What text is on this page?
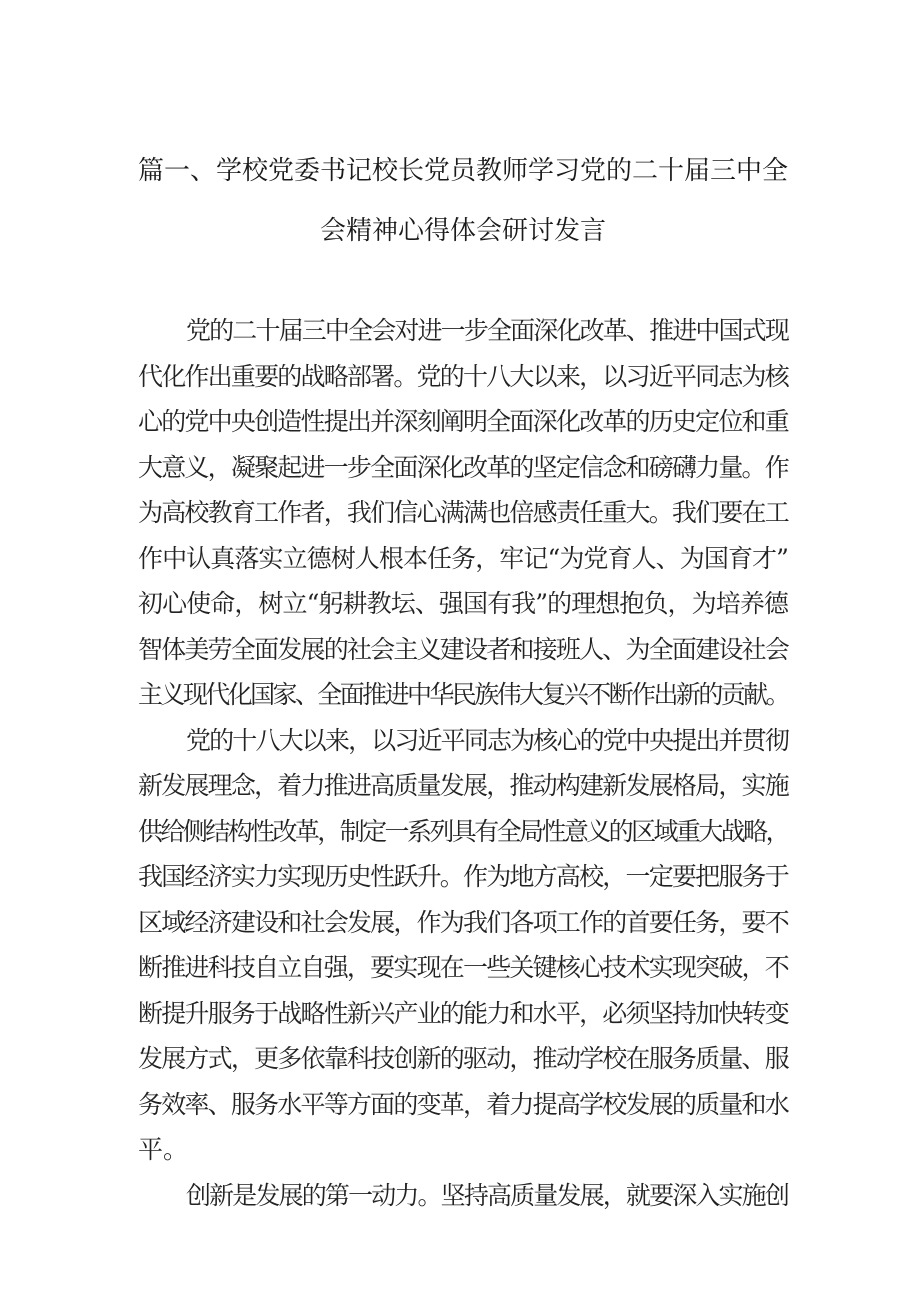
篇一、学校党委书记校长党员教师学习党的二十届三中全
会精神心得体会研讨发言
党的二十届三中全会对进一步全面深化改革、推进中国式现
代化作出重要的战略部署。党的十八大以来，以习近平同志为核
心的党中央创造性提出并深刻阐明全面深化改革的历史定位和重
大意义，凝聚起进一步全面深化改革的坚定信念和磅礴力量。作
为高校教育工作者，我们信心满满也倍感责任重大。我们要在工
作中认真落实立德树人根本任务，牢记“为党育人、为国育才”
初心使命，树立“躬耕教坛、强国有我”的理想抱负，为培养德
智体美劳全面发展的社会主义建设者和接班人、为全面建设社会
主义现代化国家、全面推进中华民族伟大复兴不断作出新的贡献。
党的十八大以来，以习近平同志为核心的党中央提出并贯彻
新发展理念，着力推进高质量发展，推动构建新发展格局，实施
供给侧结构性改革，制定一系列具有全局性意义的区域重大战略，
我国经济实力实现历史性跃升。作为地方高校，一定要把服务于
区域经济建设和社会发展，作为我们各项工作的首要任务，要不
断推进科技自立自强，要实现在一些关键核心技术实现突破，不
断提升服务于战略性新兴产业的能力和水平，必须坚持加快转变
发展方式，更多依靠科技创新的驱动，推动学校在服务质量、服
务效率、服务水平等方面的变革，着力提高学校发展的质量和水
平。
创新是发展的第一动力。坚持高质量发展，就要深入实施创
